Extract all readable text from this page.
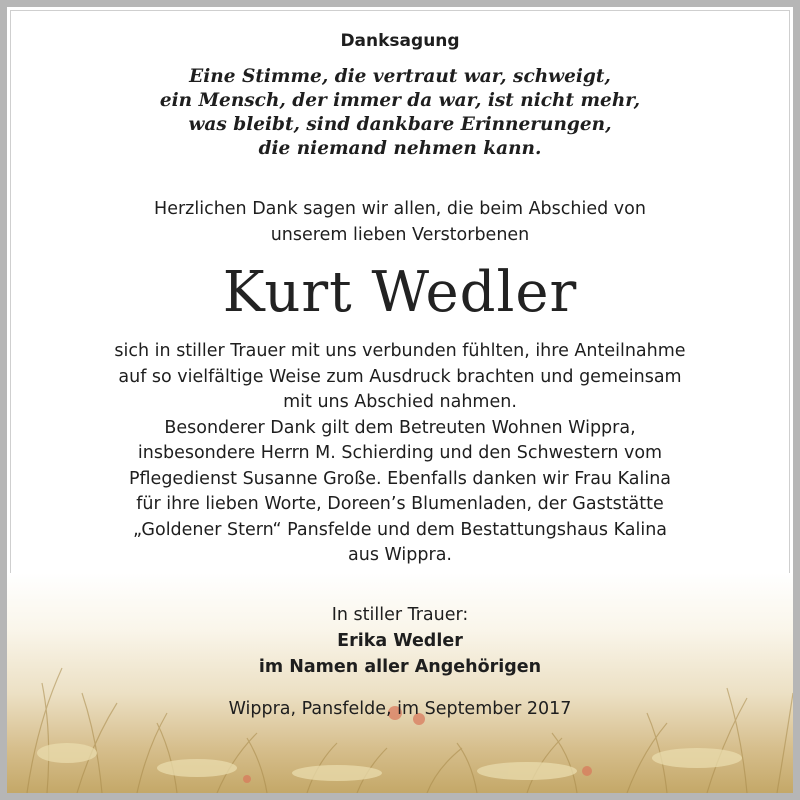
Danksagung
Eine Stimme, die vertraut war, schweigt,
ein Mensch, der immer da war, ist nicht mehr,
was bleibt, sind dankbare Erinnerungen,
die niemand nehmen kann.
Herzlichen Dank sagen wir allen, die beim Abschied von
unserem lieben Verstorbenen
Kurt Wedler
sich in stiller Trauer mit uns verbunden fühlten, ihre Anteilnahme
auf so vielfältige Weise zum Ausdruck brachten und gemeinsam
mit uns Abschied nahmen.
Besonderer Dank gilt dem Betreuten Wohnen Wippra,
insbesondere Herrn M. Schierding und den Schwestern vom
Pflegedienst Susanne Große. Ebenfalls danken wir Frau Kalina
für ihre lieben Worte, Doreen’s Blumenladen, der Gaststätte
„Goldener Stern“ Pansfelde und dem Bestattungshaus Kalina
aus Wippra.
In stiller Trauer:
Erika Wedler
im Namen aller Angehörigen
Wippra, Pansfelde, im September 2017
